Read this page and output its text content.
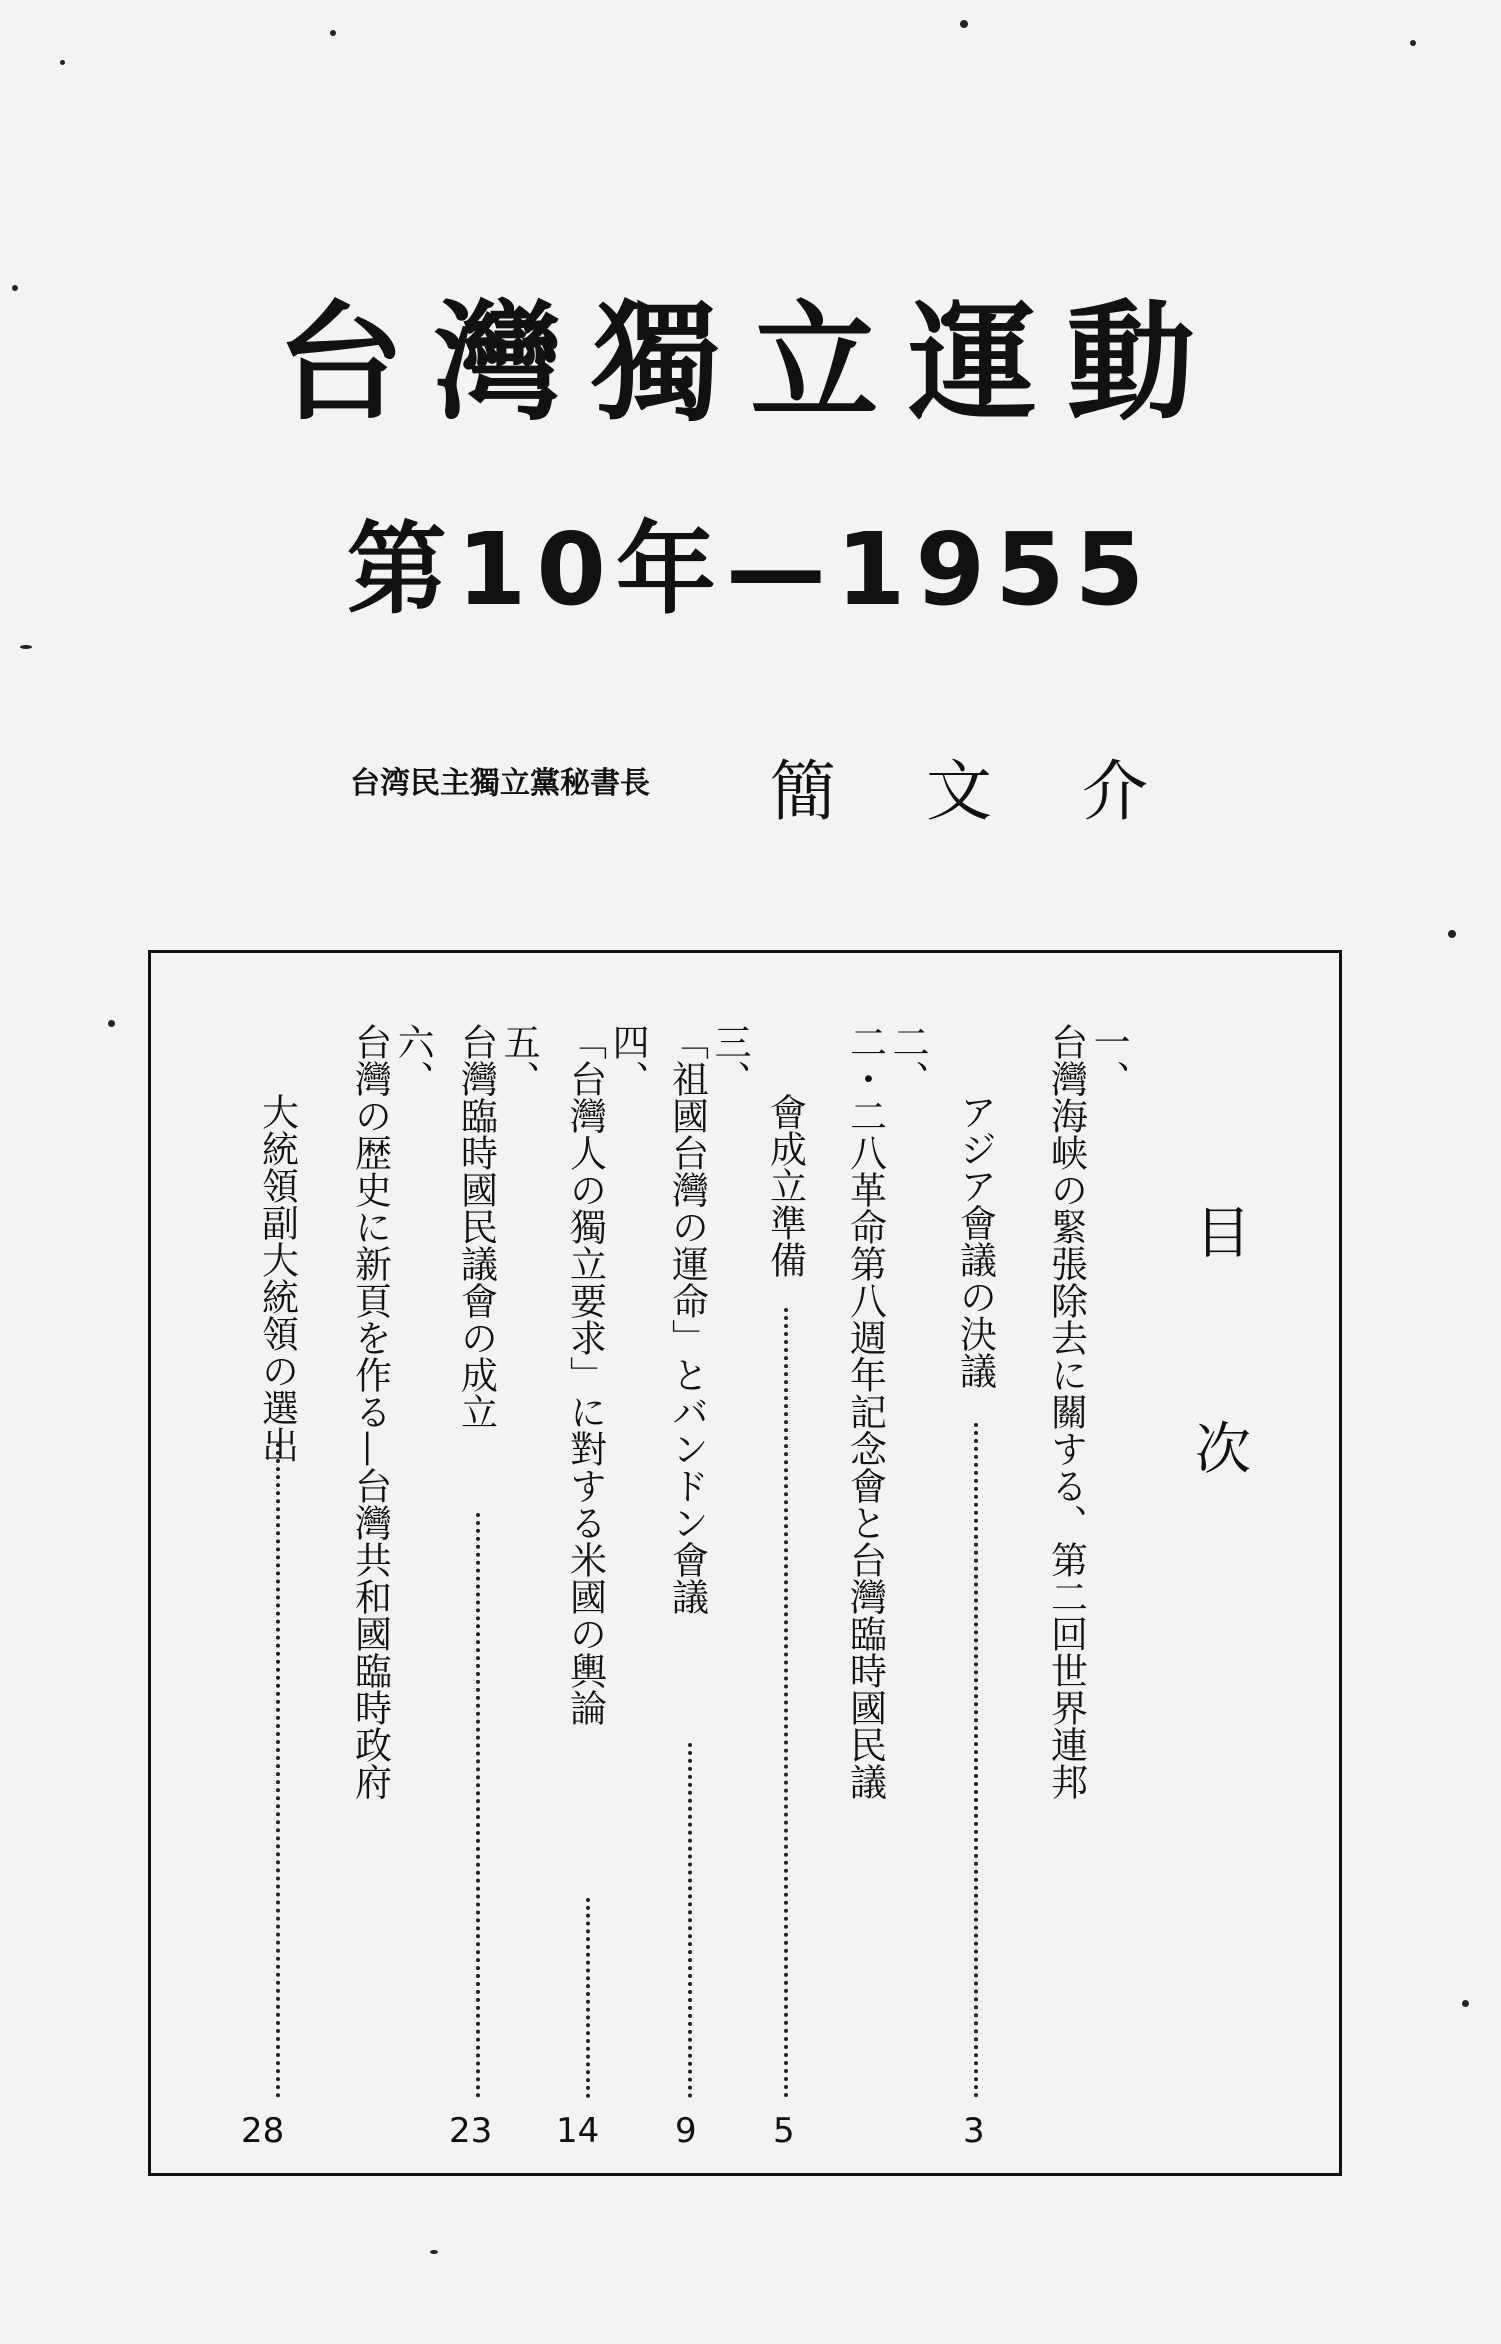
台灣獨立運動
第10年—1955
台湾民主獨立黨秘書長 簡文介
目次
一、
台灣海峡の緊張除去に關する、第二回世界連邦
アジア會議の決議
3
二、
二・二八革命第八週年記念會と台灣臨時國民議
會成立準備
5
三、
「祖國台灣の運命」とバンドン會議
9
四、
「台灣人の獨立要求」に對する米國の輿論
14
五、
台灣臨時國民議會の成立
23
六、
台灣の歴史に新頁を作る—台灣共和國臨時政府
大統領副大統領の選出
28
